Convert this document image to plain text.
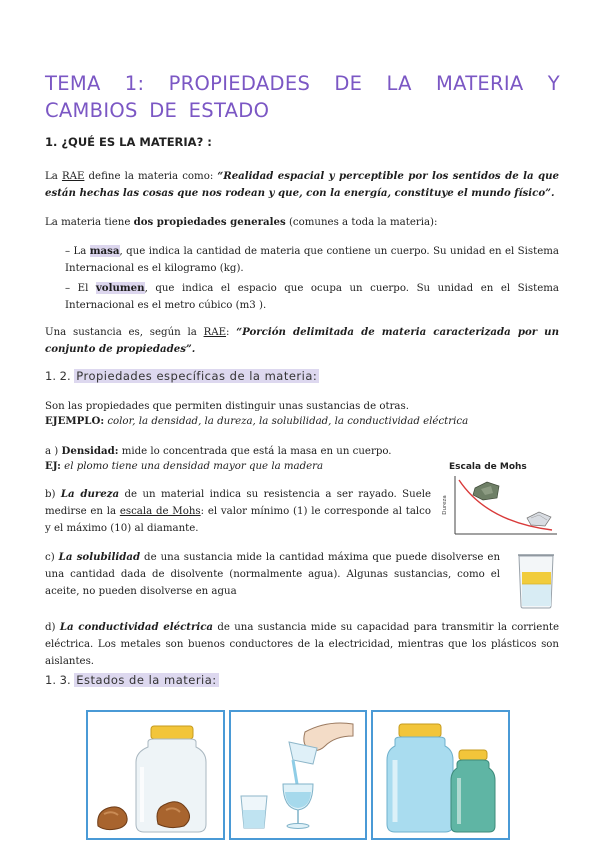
TEMA 1: PROPIEDADES DE LA MATERIA Y CAMBIOS DE ESTADO
1. ¿QUÉ ES LA MATERIA? :
La RAE define la materia como: “Realidad espacial y perceptible por los sentidos de la que están hechas las cosas que nos rodean y que, con la energía, constituye el mundo físico”.
La materia tiene dos propiedades generales (comunes a toda la materia):
– La masa, que indica la cantidad de materia que contiene un cuerpo. Su unidad en el Sistema Internacional es el kilogramo (kg).
– El volumen, que indica el espacio que ocupa un cuerpo. Su unidad en el Sistema Internacional es el metro cúbico (m3 ).
Una sustancia es, según la RAE: “Porción delimitada de materia caracterizada por un conjunto de propiedades”.
1. 2. Propiedades específicas de la materia:
Son las propiedades que permiten distinguir unas sustancias de otras.
EJEMPLO: color, la densidad, la dureza, la solubilidad, la conductividad eléctrica
a ) Densidad: mide lo concentrada que está la masa en un cuerpo.
EJ: el plomo tiene una densidad mayor que la madera
b) La dureza de un material indica su resistencia a ser rayado. Suele medirse en la escala de Mohs: el valor mínimo (1) le corresponde al talco y el máximo (10) al diamante.
Escala de Mohs
Dureza
c) La solubilidad de una sustancia mide la cantidad máxima que puede disolverse en una cantidad dada de disolvente (normalmente agua). Algunas sustancias, como el aceite, no pueden disolverse en agua
d) La conductividad eléctrica de una sustancia mide su capacidad para transmitir la corriente eléctrica. Los metales son buenos conductores de la electricidad, mientras que los plásticos son aislantes.
1. 3. Estados de la materia:
